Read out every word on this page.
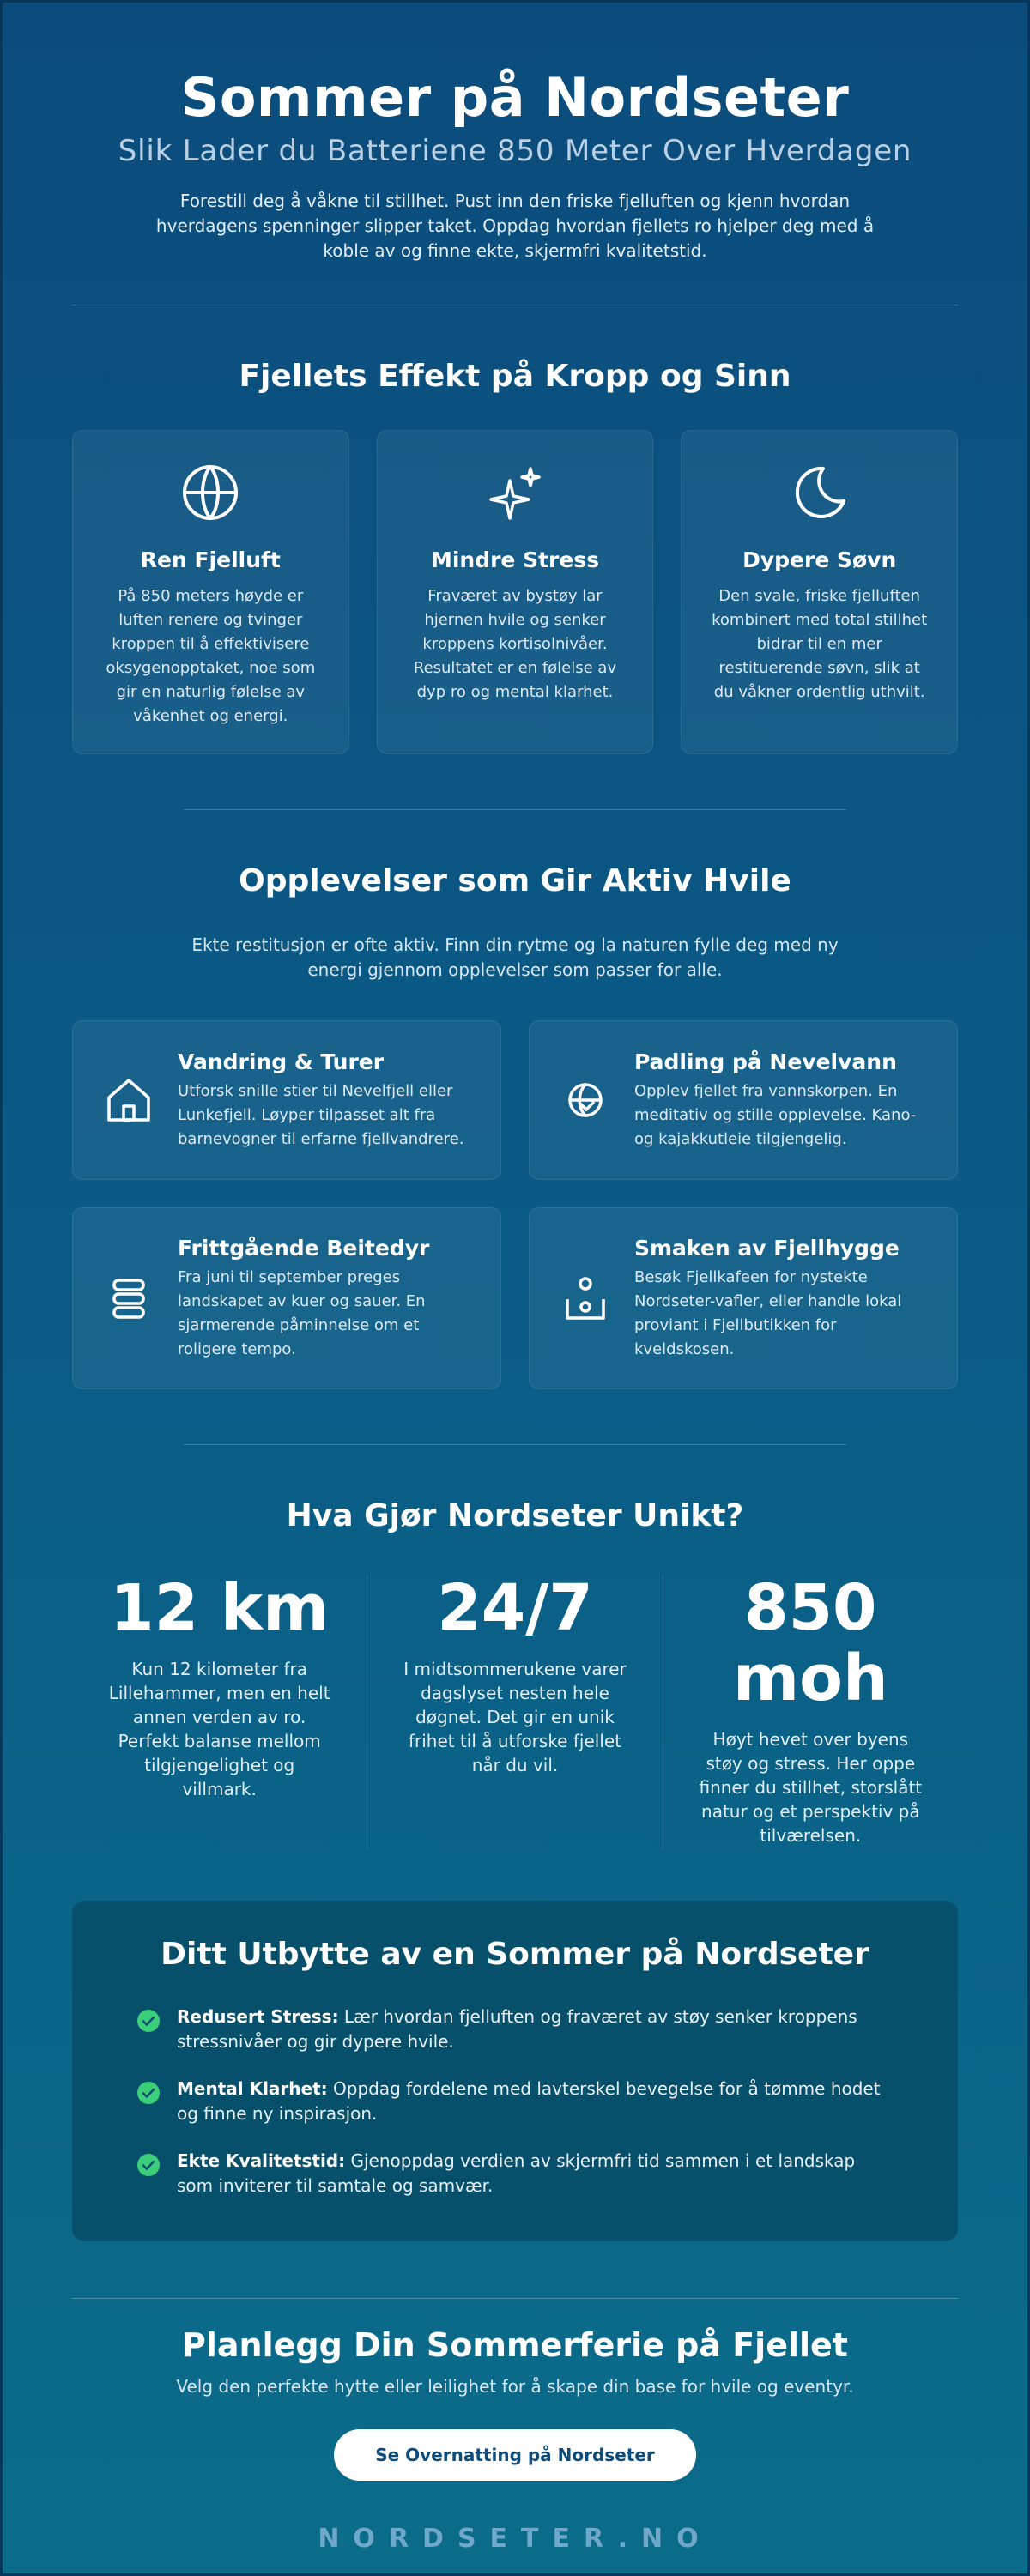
Sommer på Nordseter
Slik Lader du Batteriene 850 Meter Over Hverdagen

Forestill deg å våkne til stillhet. Pust inn den friske fjelluften og kjenn hvordan hverdagens spenninger slipper taket. Oppdag hvordan fjellets ro hjelper deg med å koble av og finne ekte, skjermfri kvalitetstid.

Fjellets Effekt på Kropp og Sinn
Ren Fjelluft

På 850 meters høyde er luften renere og tvinger kroppen til å effektivisere oksygenopptaket, noe som gir en naturlig følelse av våkenhet og energi.

Mindre Stress

Fraværet av bystøy lar hjernen hvile og senker kroppens kortisolnivåer. Resultatet er en følelse av dyp ro og mental klarhet.

Dypere Søvn

Den svale, friske fjelluften kombinert med total stillhet bidrar til en mer restituerende søvn, slik at du våkner ordentlig uthvilt.

Opplevelser som Gir Aktiv Hvile

Ekte restitusjon er ofte aktiv. Finn din rytme og la naturen fylle deg med ny energi gjennom opplevelser som passer for alle.

Vandring & Turer

Utforsk snille stier til Nevelfjell eller Lunkefjell. Løyper tilpasset alt fra barnevogner til erfarne fjellvandrere.

Padling på Nevelvann

Opplev fjellet fra vannskorpen. En meditativ og stille opplevelse. Kano- og kajakkutleie tilgjengelig.

Frittgående Beitedyr

Fra juni til september preges landskapet av kuer og sauer. En sjarmerende påminnelse om et roligere tempo.

Smaken av Fjellhygge

Besøk Fjellkafeen for nystekte Nordseter-vafler, eller handle lokal proviant i Fjellbutikken for kveldskosen.

Hva Gjør Nordseter Unikt?
12 km

Kun 12 kilometer fra Lillehammer, men en helt annen verden av ro. Perfekt balanse mellom tilgjengelighet og villmark.

24/7

I midtsommerukene varer dagslyset nesten hele døgnet. Det gir en unik frihet til å utforske fjellet når du vil.

850 moh

Høyt hevet over byens støy og stress. Her oppe finner du stillhet, storslått natur og et perspektiv på tilværelsen.

Ditt Utbytte av en Sommer på Nordseter
Redusert Stress: Lær hvordan fjelluften og fraværet av støy senker kroppens stressnivåer og gir dypere hvile.
Mental Klarhet: Oppdag fordelene med lavterskel bevegelse for å tømme hodet og finne ny inspirasjon.
Ekte Kvalitetstid: Gjenoppdag verdien av skjermfri tid sammen i et landskap som inviterer til samtale og samvær.
Planlegg Din Sommerferie på Fjellet

Velg den perfekte hytte eller leilighet for å skape din base for hvile og eventyr.

Se Overnatting på Nordseter
NORDSETER.NO
